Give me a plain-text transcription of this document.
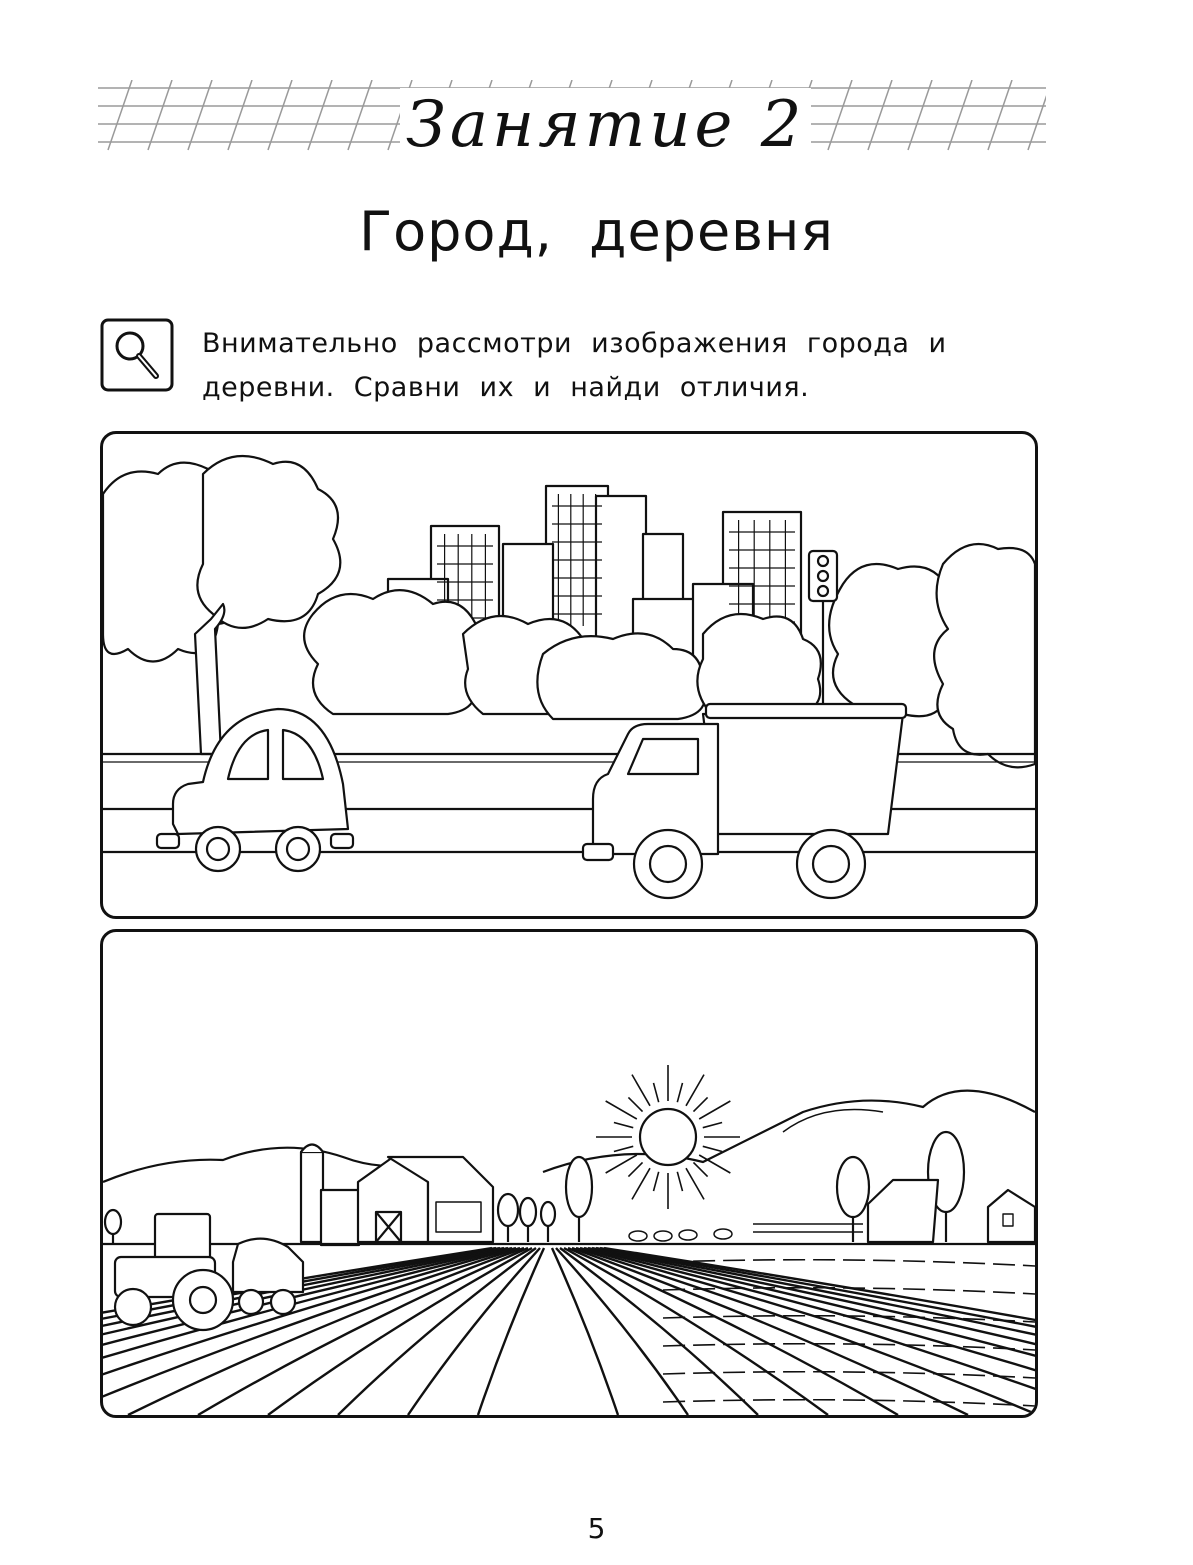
Занятие 2
Город, деревня
Внимательно рассмотри изображения города и деревни. Сравни их и найди отличия.
5
